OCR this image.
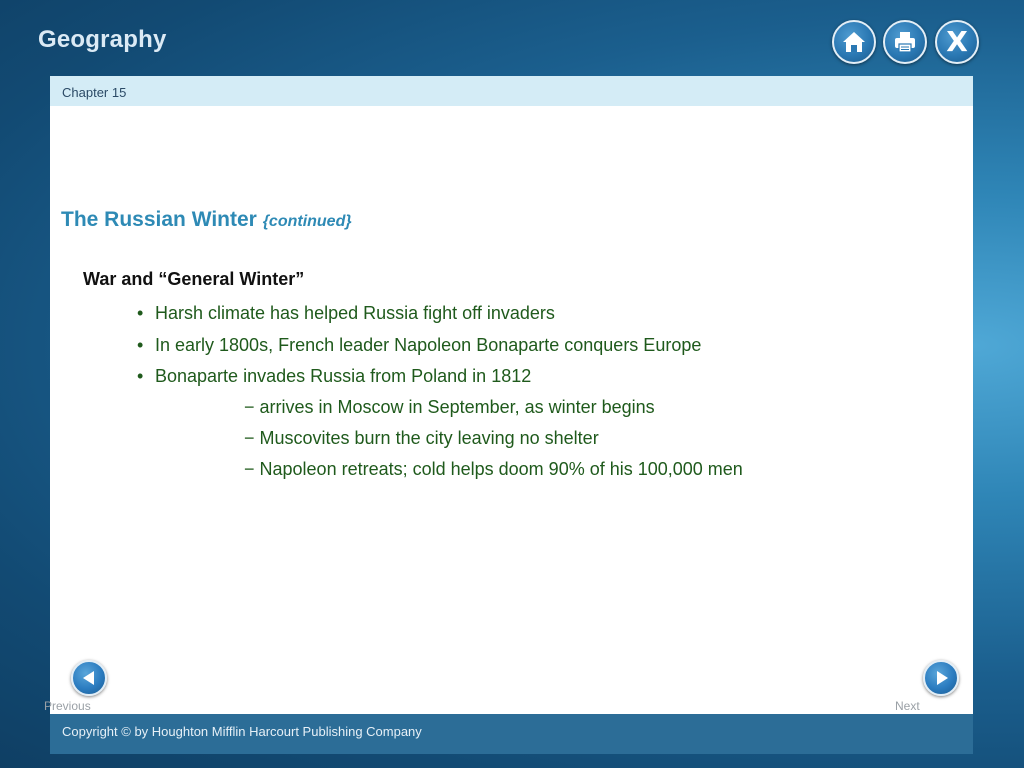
Geography	X
Chapter 15
The Russian Winter {continued}
War and “General Winter”
• Harsh climate has helped Russia fight off invaders
• In early 1800s, French leader Napoleon Bonaparte conquers Europe
• Bonaparte invades Russia from Poland in 1812
− arrives in Moscow in September, as winter begins
− Muscovites burn the city leaving no shelter
− Napoleon retreats; cold helps doom 90% of his 100,000 men
Previous	Next
Copyright © by Houghton Mifflin Harcourt Publishing Company
